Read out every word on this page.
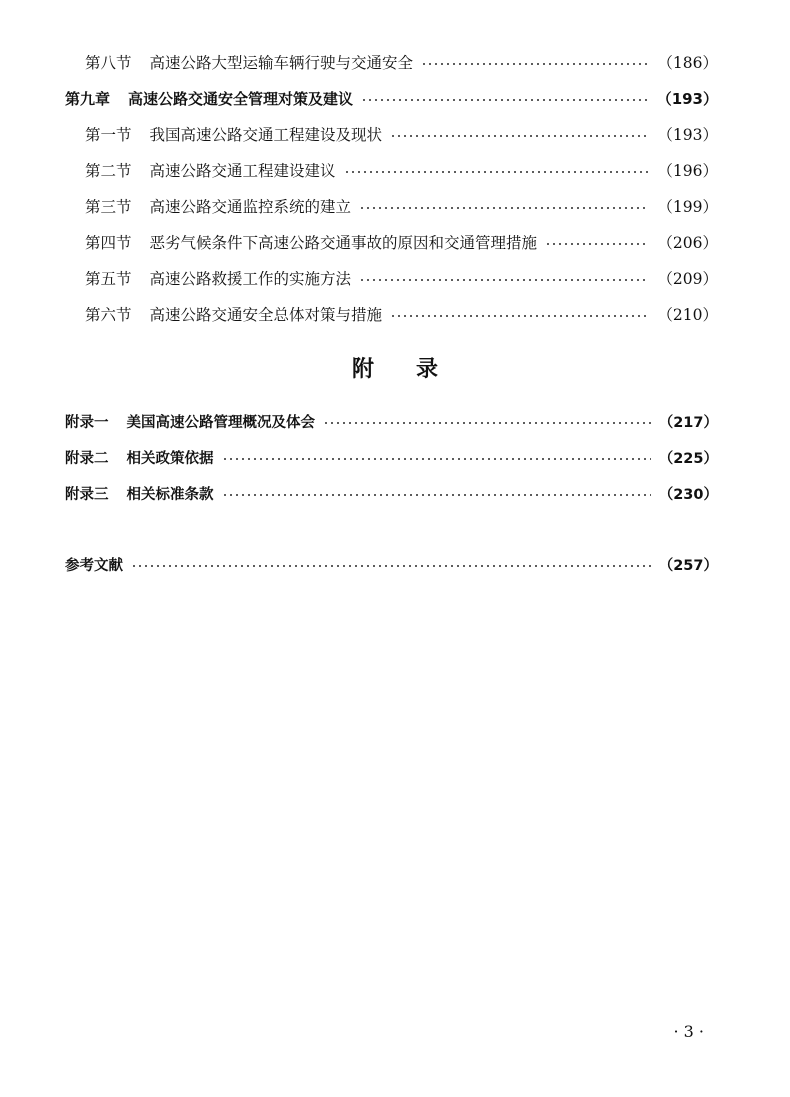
第八节 高速公路大型运输车辆行驶与交通安全	（186）
第九章 高速公路交通安全管理对策及建议	（193）
第一节 我国高速公路交通工程建设及现状	（193）
第二节 高速公路交通工程建设建议	（196）
第三节 高速公路交通监控系统的建立	（199）
第四节 恶劣气候条件下高速公路交通事故的原因和交通管理措施	（206）
第五节 高速公路救援工作的实施方法	（209）
第六节 高速公路交通安全总体对策与措施	（210）
附 录
附录一 美国高速公路管理概况及体会	（217）
附录二 相关政策依据	（225）
附录三 相关标准条款	（230）
参考文献	（257）
· 3 ·
